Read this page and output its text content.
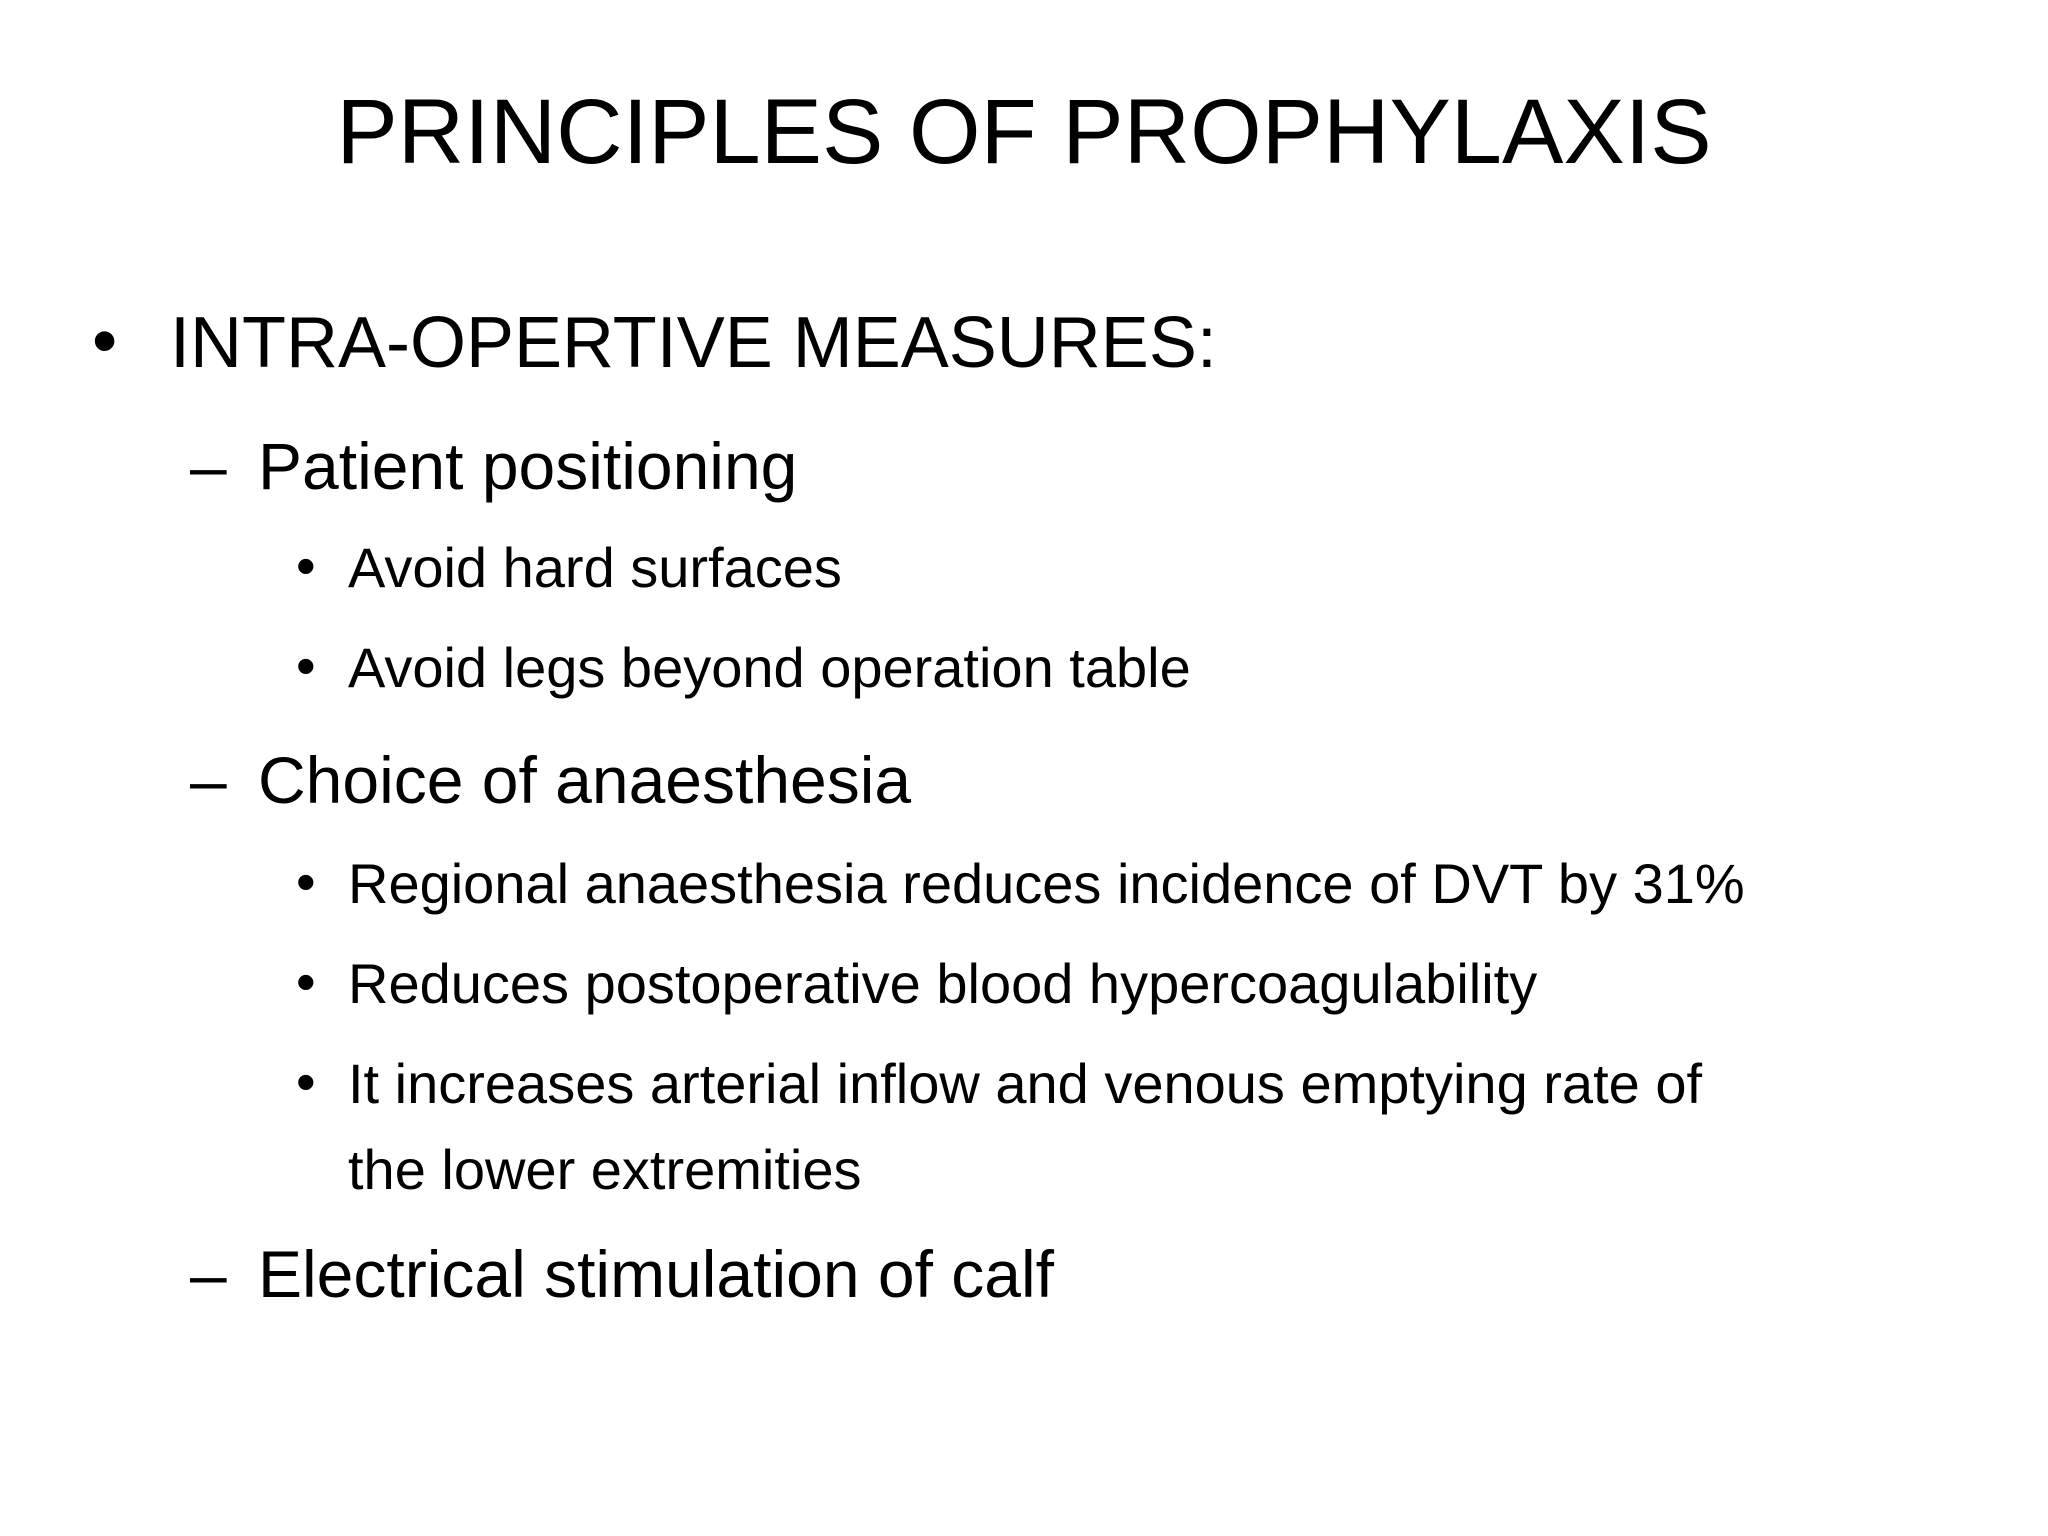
PRINCIPLES OF PROPHYLAXIS
• INTRA-OPERTIVE MEASURES:
– Patient positioning
• Avoid hard surfaces
• Avoid legs beyond operation table
– Choice of anaesthesia
• Regional anaesthesia reduces incidence of DVT by 31%
• Reduces postoperative blood hypercoagulability
• It increases arterial inflow and venous emptying rate of
the lower extremities
– Electrical stimulation of calf
